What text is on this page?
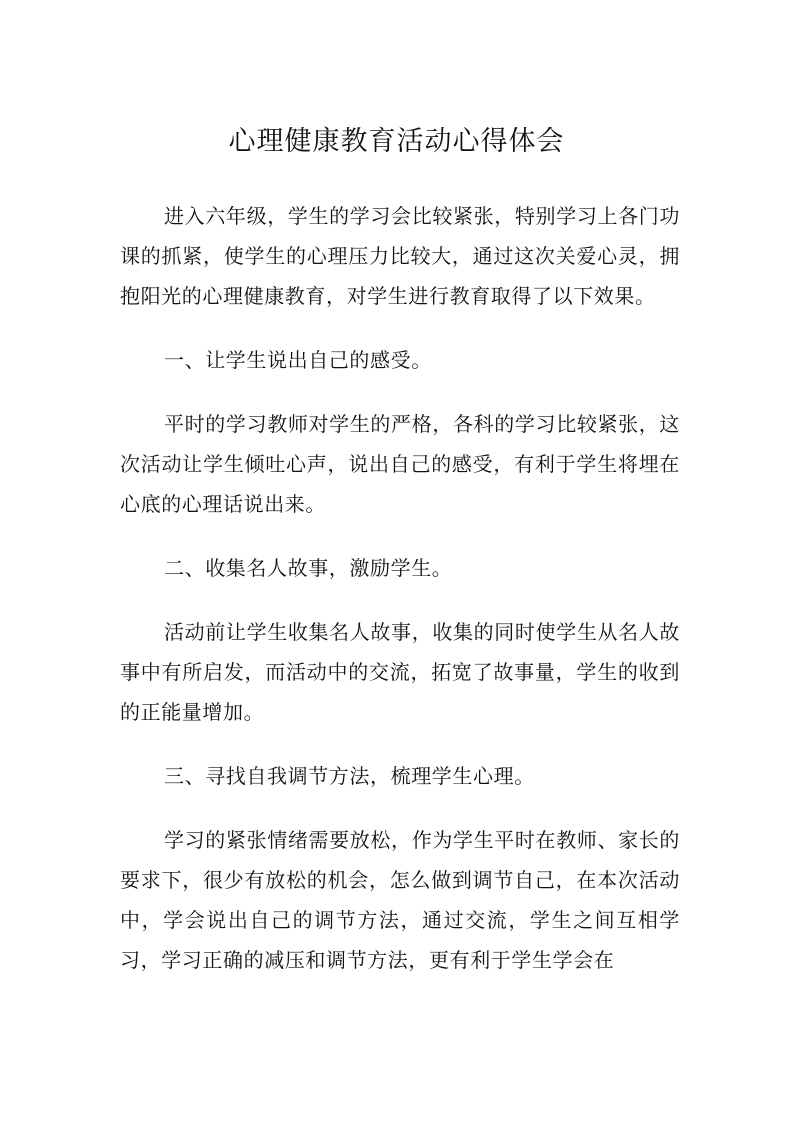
心理健康教育活动心得体会

进入六年级，学生的学习会比较紧张，特别学习上各门功课的抓紧，使学生的心理压力比较大，通过这次关爱心灵，拥抱阳光的心理健康教育，对学生进行教育取得了以下效果。

一、让学生说出自己的感受。

平时的学习教师对学生的严格，各科的学习比较紧张，这次活动让学生倾吐心声，说出自己的感受，有利于学生将埋在心底的心理话说出来。

二、收集名人故事，激励学生。

活动前让学生收集名人故事，收集的同时使学生从名人故事中有所启发，而活动中的交流，拓宽了故事量，学生的收到的正能量增加。

三、寻找自我调节方法，梳理学生心理。

学习的紧张情绪需要放松，作为学生平时在教师、家长的要求下，很少有放松的机会，怎么做到调节自己，在本次活动中，学会说出自己的调节方法，通过交流，学生之间互相学习，学习正确的减压和调节方法，更有利于学生学会在
